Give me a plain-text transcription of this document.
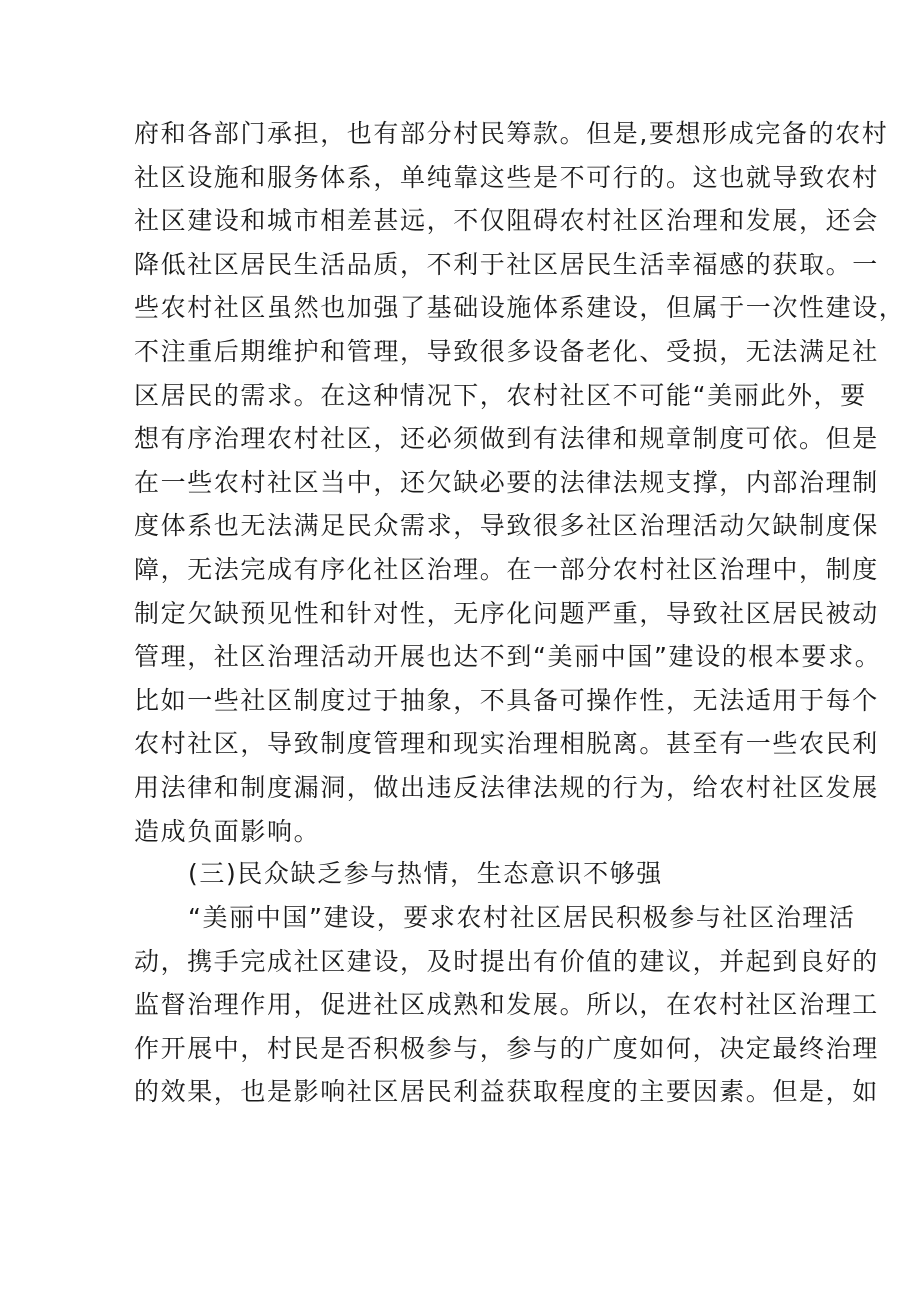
府和各部门承担，也有部分村民筹款。但是,要想形成完备的农村
社区设施和服务体系，单纯靠这些是不可行的。这也就导致农村
社区建设和城市相差甚远，不仅阻碍农村社区治理和发展，还会
降低社区居民生活品质，不利于社区居民生活幸福感的获取。一
些农村社区虽然也加强了基础设施体系建设，但属于一次性建设，
不注重后期维护和管理，导致很多设备老化、受损，无法满足社
区居民的需求。在这种情况下，农村社区不可能“美丽此外，要
想有序治理农村社区，还必须做到有法律和规章制度可依。但是
在一些农村社区当中，还欠缺必要的法律法规支撑，内部治理制
度体系也无法满足民众需求，导致很多社区治理活动欠缺制度保
障，无法完成有序化社区治理。在一部分农村社区治理中，制度
制定欠缺预见性和针对性，无序化问题严重，导致社区居民被动
管理，社区治理活动开展也达不到“美丽中国”建设的根本要求。
比如一些社区制度过于抽象，不具备可操作性，无法适用于每个
农村社区，导致制度管理和现实治理相脱离。甚至有一些农民利
用法律和制度漏洞，做出违反法律法规的行为，给农村社区发展
造成负面影响。
(三)民众缺乏参与热情，生态意识不够强
“美丽中国”建设，要求农村社区居民积极参与社区治理活
动，携手完成社区建设，及时提出有价值的建议，并起到良好的
监督治理作用，促进社区成熟和发展。所以，在农村社区治理工
作开展中，村民是否积极参与，参与的广度如何，决定最终治理
的效果，也是影响社区居民利益获取程度的主要因素。但是，如
